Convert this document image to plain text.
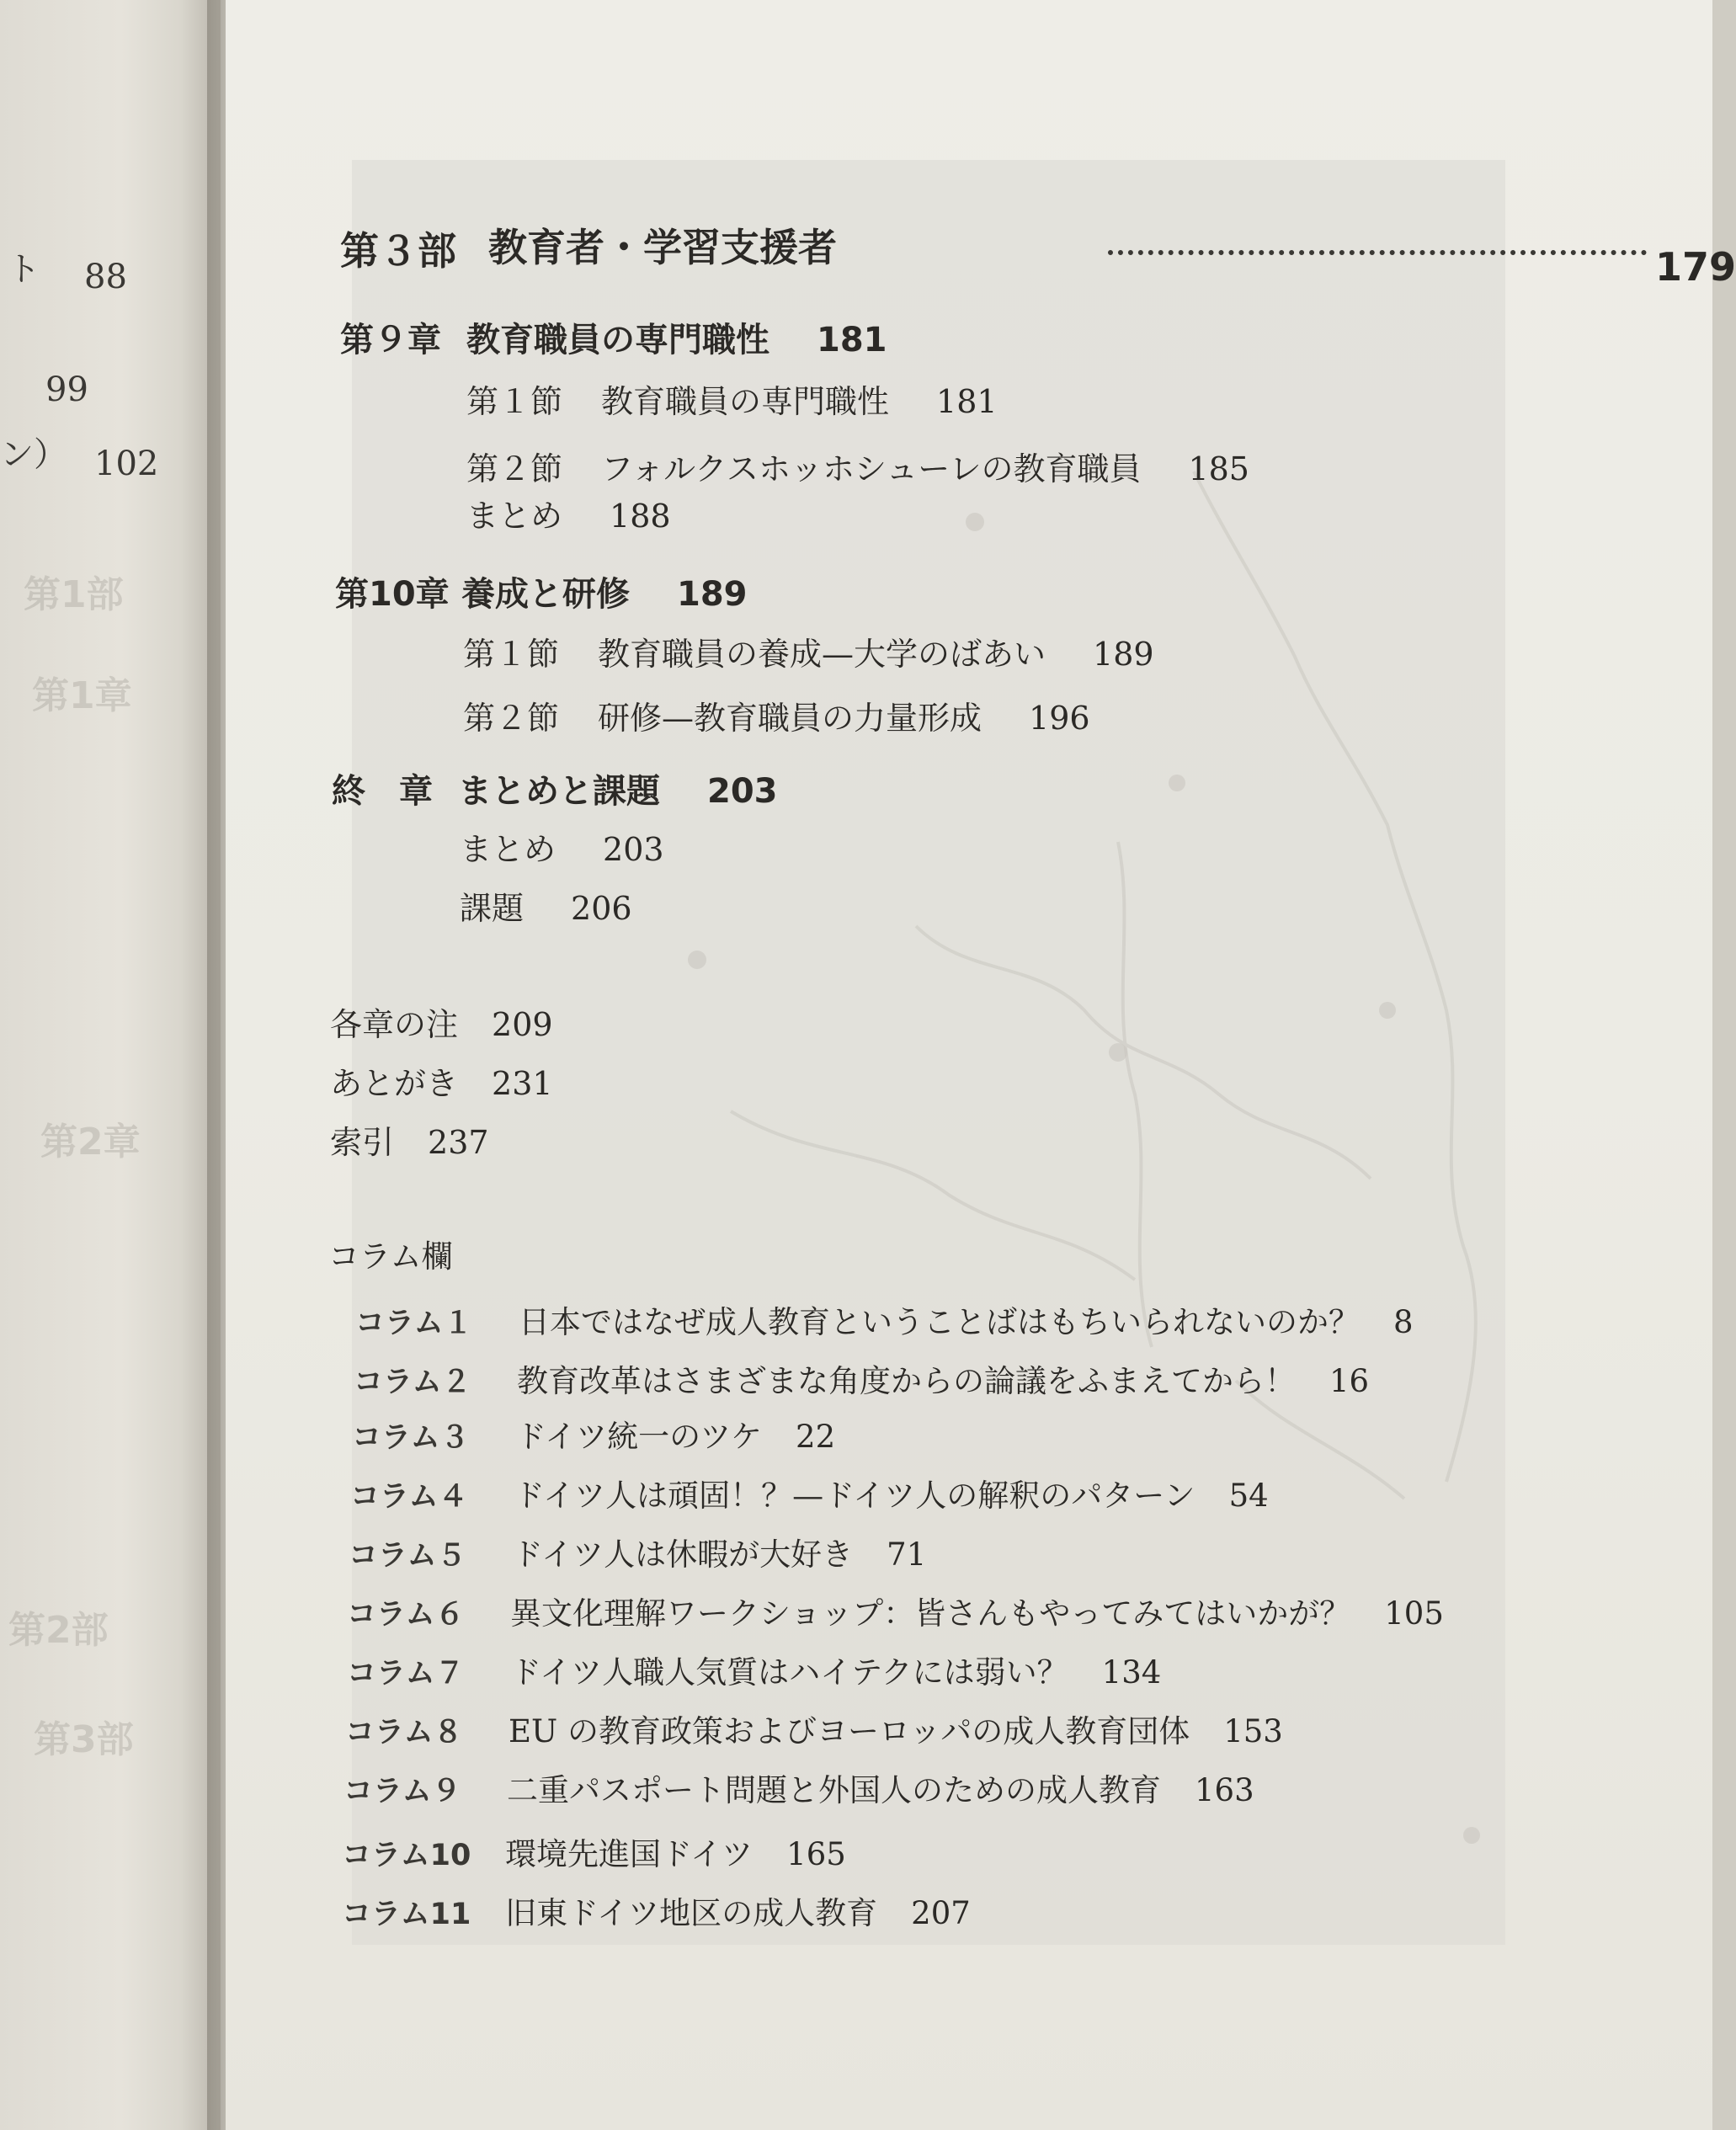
ト 88
99
ン） 102
第1部
第1章
第2章
第2部
第3部
第３部 教育者・学習支援者	179
第９章 教育職員の専門職性 181
第１節 教育職員の専門職性 181
第２節 フォルクスホッホシューレの教育職員 185
まとめ 188
第10章 養成と研修 189
第１節 教育職員の養成—大学のばあい 189
第２節 研修—教育職員の力量形成 196
終　章 まとめと課題 203
まとめ 203
課題 206
各章の注 209
あとがき 231
索引 237
コラム欄
コラム１ 日本ではなぜ成人教育ということばはもちいられないのか？ 8
コラム２ 教育改革はさまざまな角度からの論議をふまえてから！ 16
コラム３ ドイツ統一のツケ 22
コラム４ ドイツ人は頑固！？—ドイツ人の解釈のパターン 54
コラム５ ドイツ人は休暇が大好き 71
コラム６ 異文化理解ワークショップ：皆さんもやってみてはいかが？ 105
コラム７ ドイツ人職人気質はハイテクには弱い？ 134
コラム８ EU の教育政策およびヨーロッパの成人教育団体 153
コラム９ 二重パスポート問題と外国人のための成人教育 163
コラム10 環境先進国ドイツ 165
コラム11 旧東ドイツ地区の成人教育 207
